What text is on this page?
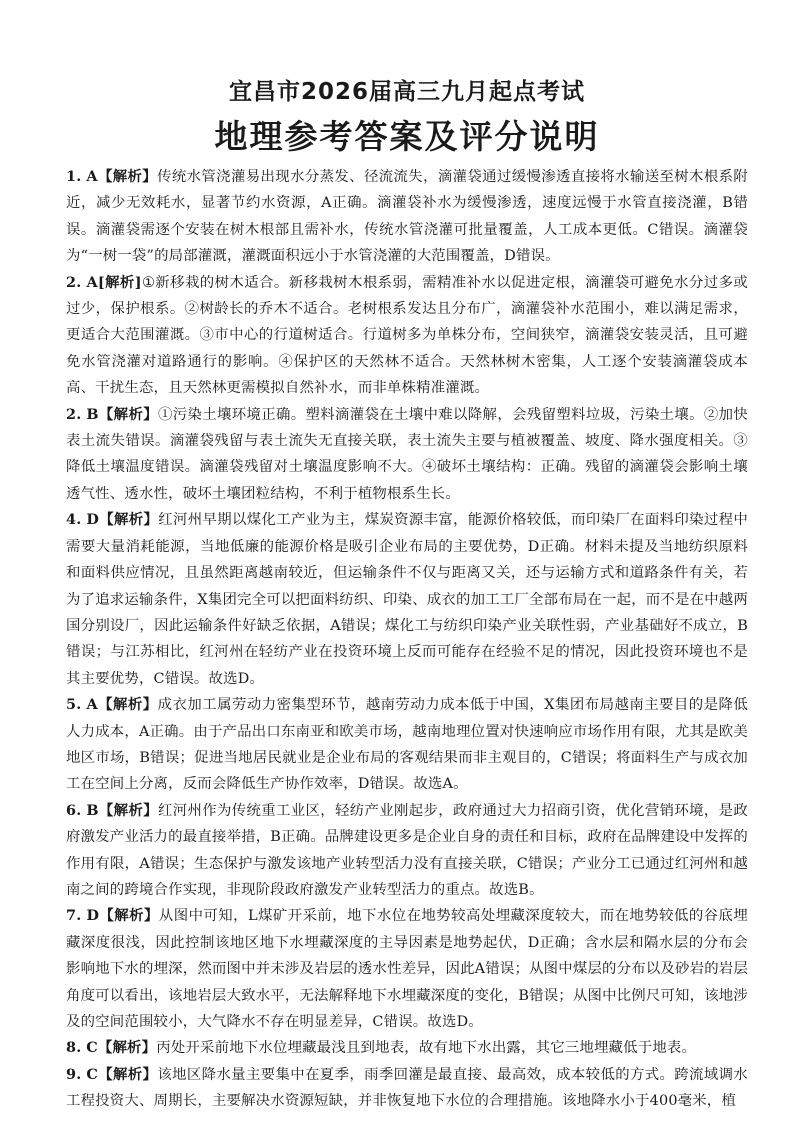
宜昌市2026届高三九月起点考试
地理参考答案及评分说明

1. A【解析】传统水管浇灌易出现水分蒸发、径流流失，滴灌袋通过缓慢渗透直接将水输送至树木根系附近，减少无效耗水，显著节约水资源，A正确。滴灌袋补水为缓慢渗透，速度远慢于水管直接浇灌，B错误。滴灌袋需逐个安装在树木根部且需补水，传统水管浇灌可批量覆盖，人工成本更低。C错误。滴灌袋为“一树一袋”的局部灌溉，灌溉面积远小于水管浇灌的大范围覆盖，D错误。

2. A[解析]①新移栽的树木适合。新移栽树木根系弱，需精准补水以促进定根，滴灌袋可避免水分过多或过少，保护根系。②树龄长的乔木不适合。老树根系发达且分布广，滴灌袋补水范围小，难以满足需求，更适合大范围灌溉。③市中心的行道树适合。行道树多为单株分布，空间狭窄，滴灌袋安装灵活，且可避免水管浇灌对道路通行的影响。④保护区的天然林不适合。天然林树木密集，人工逐个安装滴灌袋成本高、干扰生态，且天然林更需模拟自然补水，而非单株精准灌溉。

2. B【解析】①污染土壤环境正确。塑料滴灌袋在土壤中难以降解，会残留塑料垃圾，污染土壤。②加快表土流失错误。滴灌袋残留与表土流失无直接关联，表土流失主要与植被覆盖、坡度、降水强度相关。③降低土壤温度错误。滴灌袋残留对土壤温度影响不大。④破坏土壤结构：正确。残留的滴灌袋会影响土壤透气性、透水性，破坏土壤团粒结构，不利于植物根系生长。

4. D【解析】红河州早期以煤化工产业为主，煤炭资源丰富，能源价格较低，而印染厂在面料印染过程中需要大量消耗能源，当地低廉的能源价格是吸引企业布局的主要优势，D正确。材料未提及当地纺织原料和面料供应情况，且虽然距离越南较近，但运输条件不仅与距离又关，还与运输方式和道路条件有关，若为了追求运输条件，X集团完全可以把面料纺织、印染、成衣的加工工厂全部布局在一起，而不是在中越两国分别设厂，因此运输条件好缺乏依据，A错误；煤化工与纺织印染产业关联性弱，产业基础好不成立，B错误；与江苏相比，红河州在轻纺产业在投资环境上反而可能存在经验不足的情况，因此投资环境也不是其主要优势，C错误。故选D。

5. A【解析】成衣加工属劳动力密集型环节，越南劳动力成本低于中国，X集团布局越南主要目的是降低人力成本，A正确。由于产品出口东南亚和欧美市场，越南地理位置对快速响应市场作用有限，尤其是欧美地区市场，B错误；促进当地居民就业是企业布局的客观结果而非主观目的，C错误；将面料生产与成衣加工在空间上分离，反而会降低生产协作效率，D错误。故选A。

6. B【解析】红河州作为传统重工业区，轻纺产业刚起步，政府通过大力招商引资，优化营销环境，是政府激发产业活力的最直接举措，B正确。品牌建设更多是企业自身的责任和目标，政府在品牌建设中发挥的作用有限，A错误；生态保护与激发该地产业转型活力没有直接关联，C错误；产业分工已通过红河州和越南之间的跨境合作实现，非现阶段政府激发产业转型活力的重点。故选B。

7. D【解析】从图中可知，L煤矿开采前，地下水位在地势较高处埋藏深度较大，而在地势较低的谷底埋藏深度很浅，因此控制该地区地下水埋藏深度的主导因素是地势起伏，D正确；含水层和隔水层的分布会影响地下水的埋深，然而图中并未涉及岩层的透水性差异，因此A错误；从图中煤层的分布以及砂岩的岩层角度可以看出，该地岩层大致水平，无法解释地下水埋藏深度的变化，B错误；从图中比例尺可知，该地涉及的空间范围较小，大气降水不存在明显差异，C错误。故选D。

8. C【解析】丙处开采前地下水位埋藏最浅且到地表，故有地下水出露，其它三地埋藏低于地表。

9. C【解析】该地区降水量主要集中在夏季，雨季回灌是最直接、最高效，成本较低的方式。跨流域调水工程投资大、周期长，主要解决水资源短缺，并非恢复地下水位的合理措施。该地降水小于400毫米，植
